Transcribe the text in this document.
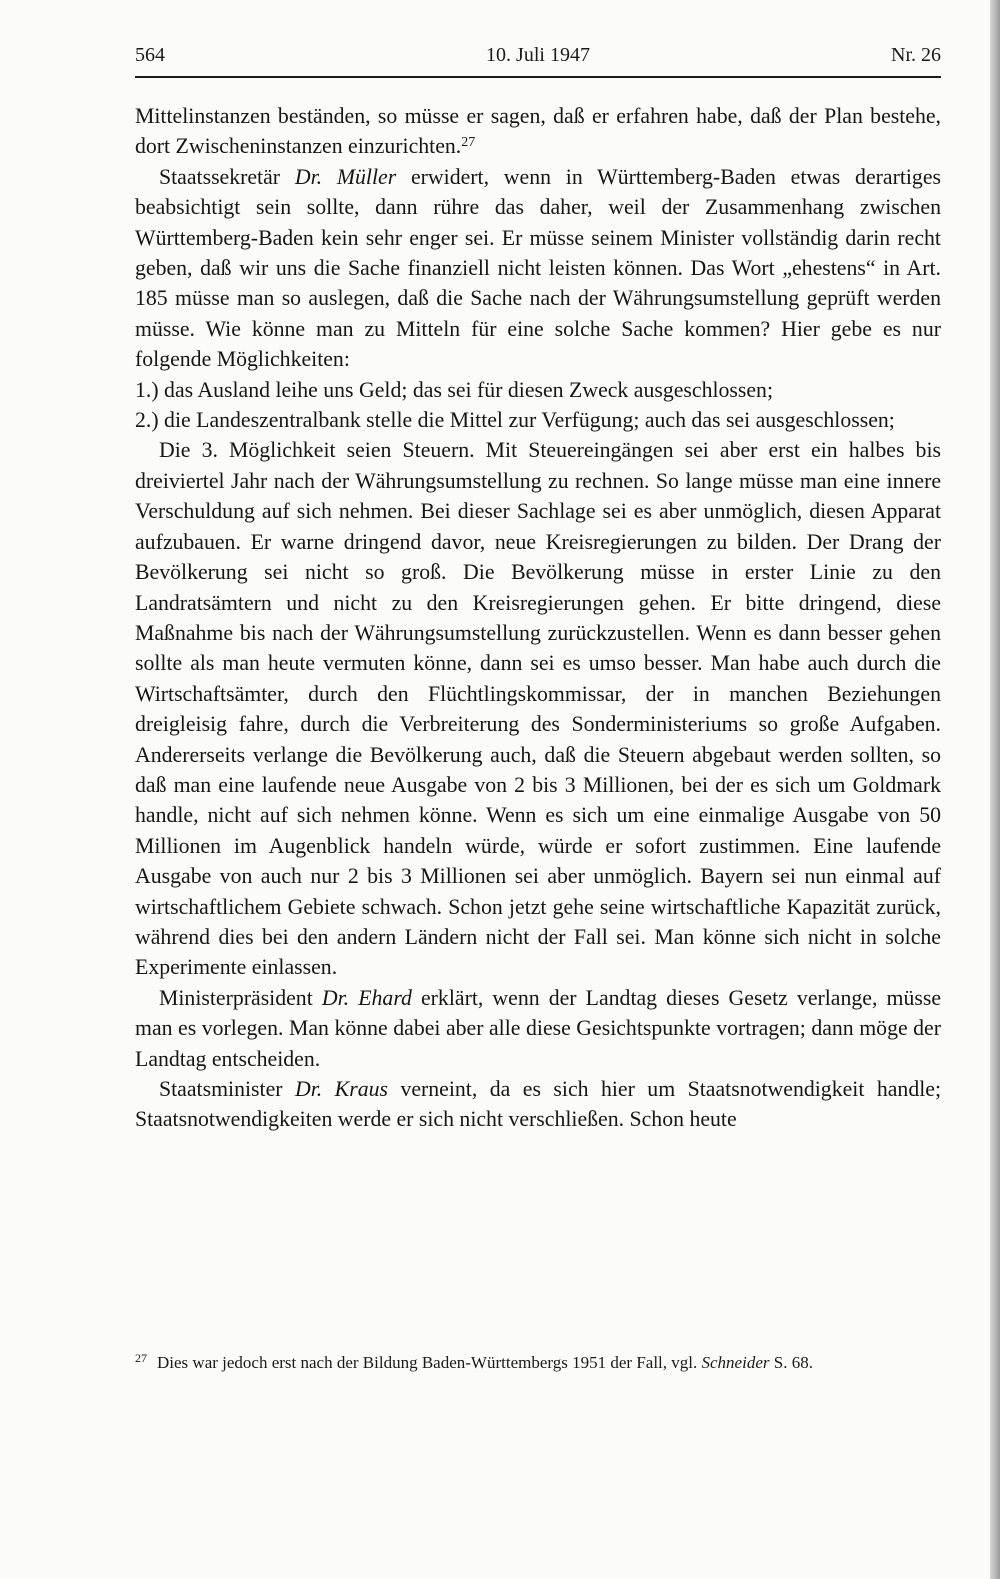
564	10. Juli 1947	Nr. 26

Mittelinstanzen beständen, so müsse er sagen, daß er erfahren habe, daß der Plan bestehe, dort Zwischeninstanzen einzurichten.$^{27}$

Staatssekretär Dr. Müller erwidert, wenn in Württemberg-Baden etwas derartiges beabsichtigt sein sollte, dann rühre das daher, weil der Zusammenhang zwischen Württemberg-Baden kein sehr enger sei. Er müsse seinem Minister vollständig darin recht geben, daß wir uns die Sache finanziell nicht leisten können. Das Wort „ehestens“ in Art. 185 müsse man so auslegen, daß die Sache nach der Währungsumstellung geprüft werden müsse. Wie könne man zu Mitteln für eine solche Sache kommen? Hier gebe es nur folgende Möglichkeiten:

1.) das Ausland leihe uns Geld; das sei für diesen Zweck ausgeschlossen;

2.) die Landeszentralbank stelle die Mittel zur Verfügung; auch das sei ausgeschlossen;

Die 3. Möglichkeit seien Steuern. Mit Steuereingängen sei aber erst ein halbes bis dreiviertel Jahr nach der Währungsumstellung zu rechnen. So lange müsse man eine innere Verschuldung auf sich nehmen. Bei dieser Sachlage sei es aber unmöglich, diesen Apparat aufzubauen. Er warne dringend davor, neue Kreisregierungen zu bilden. Der Drang der Bevölkerung sei nicht so groß. Die Bevölkerung müsse in erster Linie zu den Landratsämtern und nicht zu den Kreisregierungen gehen. Er bitte dringend, diese Maßnahme bis nach der Währungsumstellung zurückzustellen. Wenn es dann besser gehen sollte als man heute vermuten könne, dann sei es umso besser. Man habe auch durch die Wirtschaftsämter, durch den Flüchtlingskommissar, der in manchen Beziehungen dreigleisig fahre, durch die Verbreiterung des Sonderministeriums so große Aufgaben. Andererseits verlange die Bevölkerung auch, daß die Steuern abgebaut werden sollten, so daß man eine laufende neue Ausgabe von 2 bis 3 Millionen, bei der es sich um Goldmark handle, nicht auf sich nehmen könne. Wenn es sich um eine einmalige Ausgabe von 50 Millionen im Augenblick handeln würde, würde er sofort zustimmen. Eine laufende Ausgabe von auch nur 2 bis 3 Millionen sei aber unmöglich. Bayern sei nun einmal auf wirtschaftlichem Gebiete schwach. Schon jetzt gehe seine wirtschaftliche Kapazität zurück, während dies bei den andern Ländern nicht der Fall sei. Man könne sich nicht in solche Experimente einlassen.

Ministerpräsident Dr. Ehard erklärt, wenn der Landtag dieses Gesetz verlange, müsse man es vorlegen. Man könne dabei aber alle diese Gesichtspunkte vortragen; dann möge der Landtag entscheiden.

Staatsminister Dr. Kraus verneint, da es sich hier um Staatsnotwendigkeit handle; Staatsnotwendigkeiten werde er sich nicht verschließen. Schon heute

$^{27}$ Dies war jedoch erst nach der Bildung Baden-Württembergs 1951 der Fall, vgl. Schneider S. 68.
